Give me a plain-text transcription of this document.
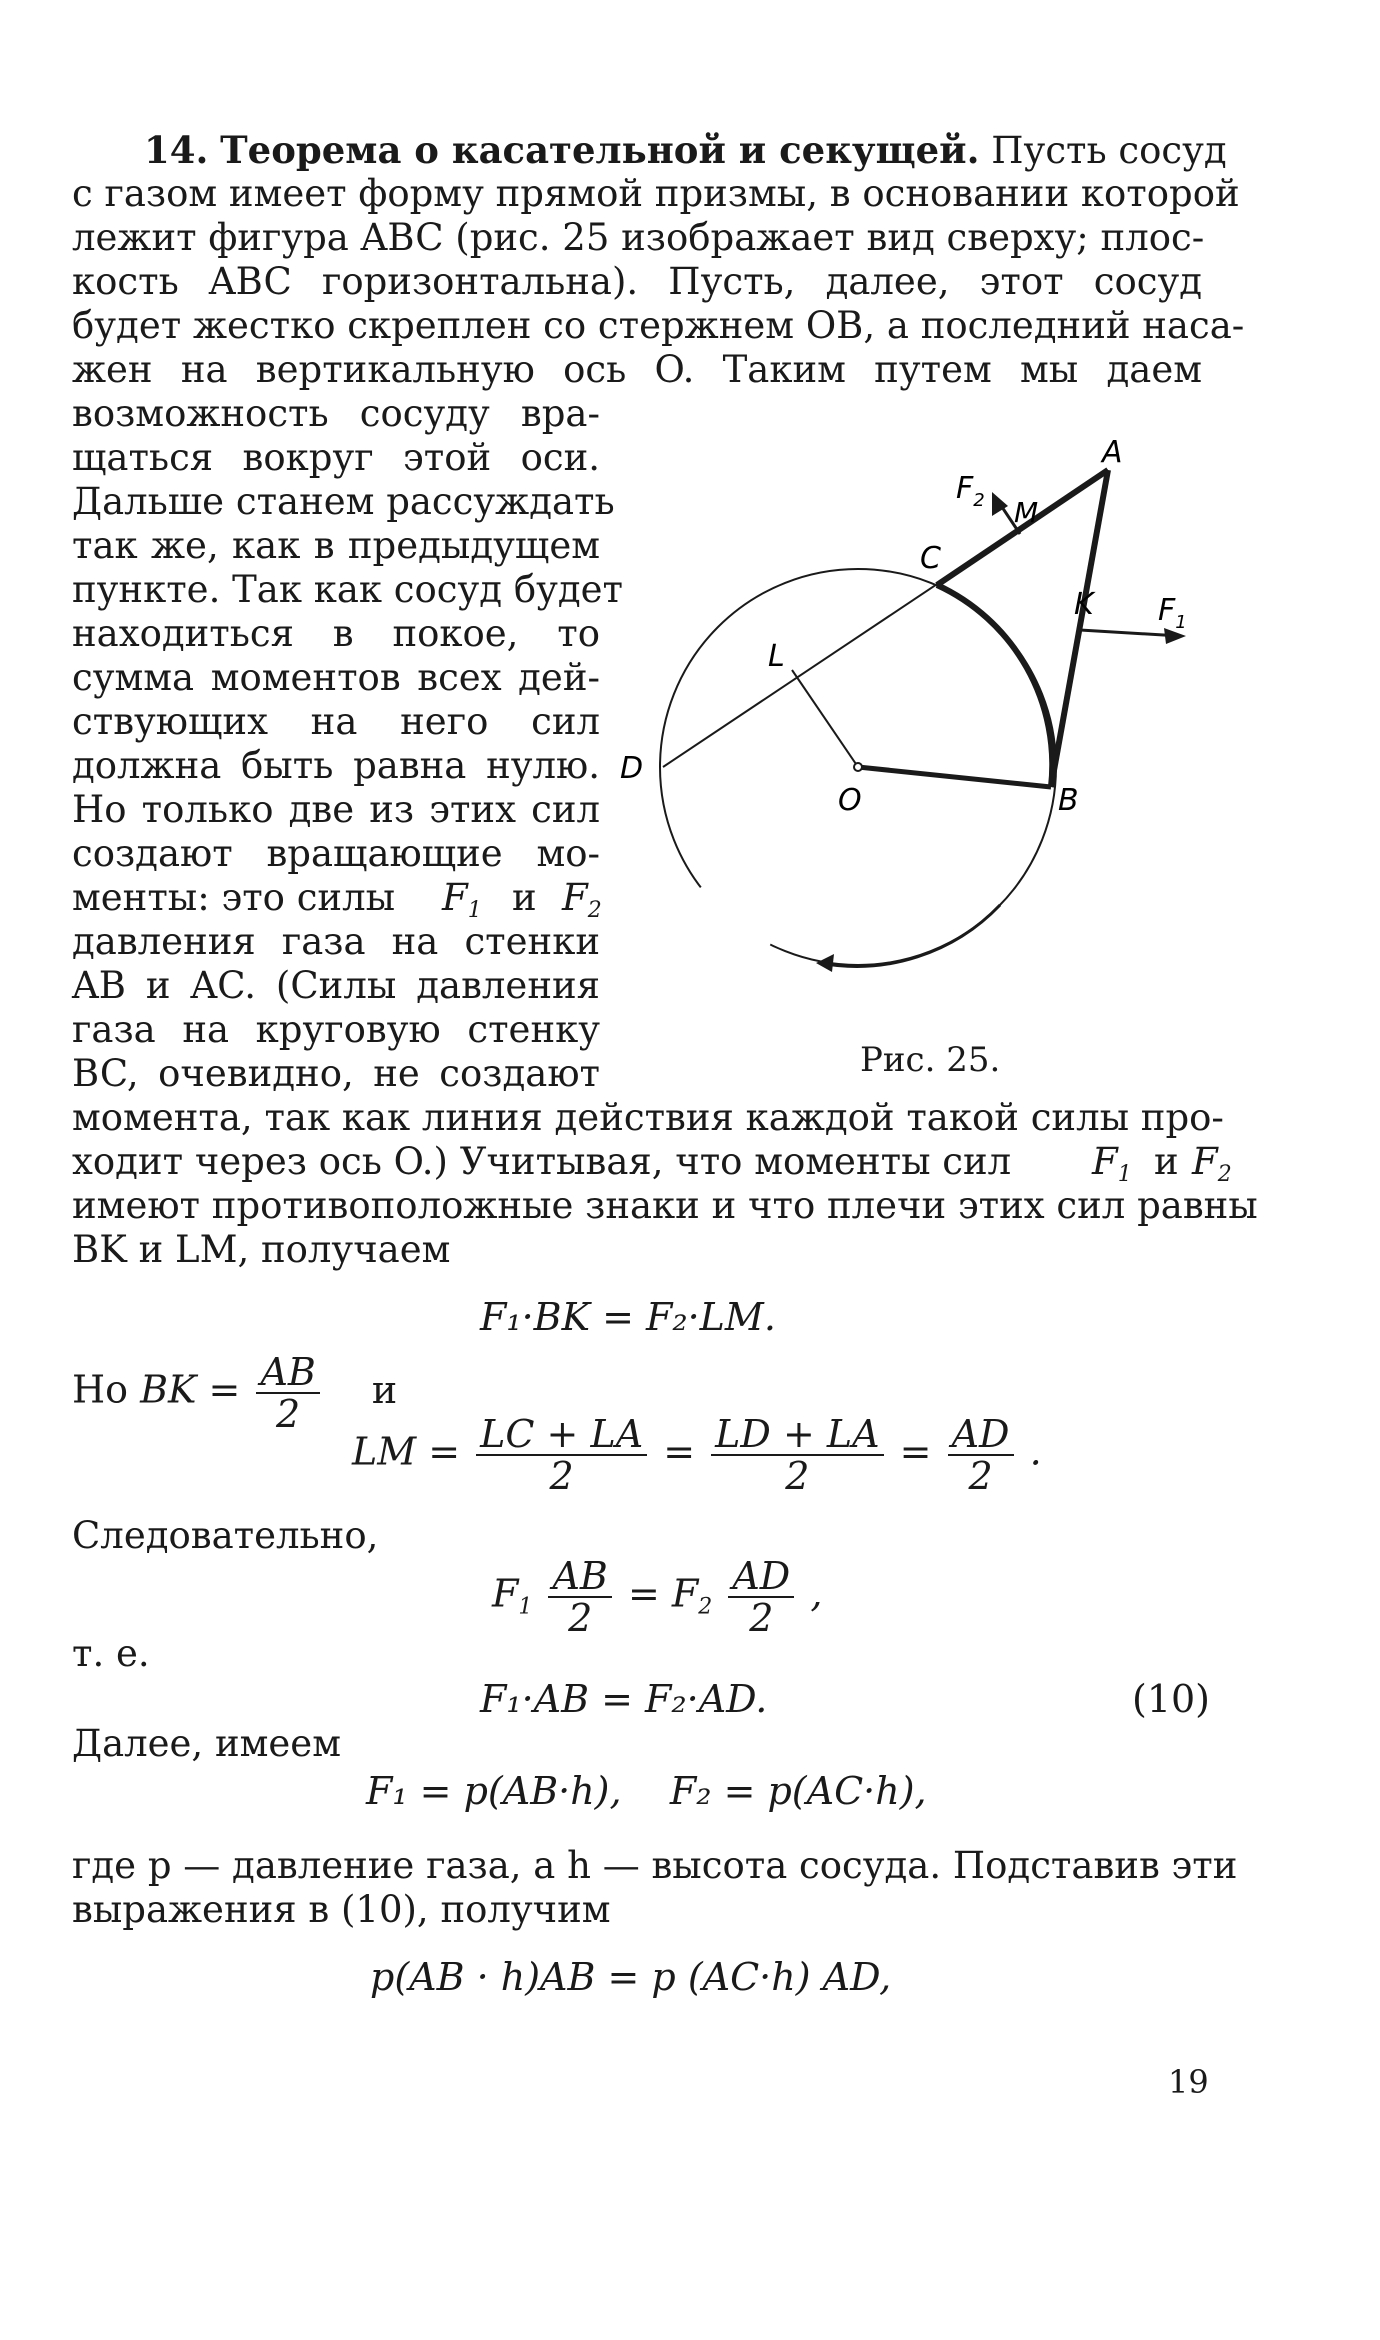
14. Теорема о касательной и секущей. Пусть сосуд
с газом имеет форму прямой призмы, в основании которой
лежит фигура ABC (рис. 25 изображает вид сверху; плос-
кость ABC горизонтальна). Пусть, далее, этот сосуд
будет жестко скреплен со стержнем OB, а последний наса-
жен на вертикальную ось O. Таким путем мы даем
возможность сосуду вра-
щаться вокруг этой оси.
Дальше станем рассуждать
так же, как в предыдущем
пункте. Так как сосуд будет
находиться в покое, то
сумма моментов всех дей-
ствующих на него сил
должна быть равна нулю.
Но только две из этих сил
создают вращающие мо-
менты: это силы $F_1$ и $F_2$
давления газа на стенки
AB и AC. (Силы давления
газа на круговую стенку
BC, очевидно, не создают
A
C
D
L
O	B
K
M
$F_1$
$F_2$
Рис. 25.
момента, так как линия действия каждой такой силы про-
ходит через ось O.) Учитывая, что моменты сил $F_1$ и $F_2$
имеют противоположные знаки и что плечи этих сил равны
BK и LM, получаем
F₁·BK = F₂·LM.
Но BK = $\frac{AB}{2}$ и
LM = $\frac{LC + LA}{2} = \frac{LD + LA}{2} = \frac{AD}{2}$ .
Следовательно,
$F_1 \frac{AB}{2} = F_2 \frac{AD}{2}$ ,
т. е.
F₁·AB = F₂·AD.	(10)
Далее, имеем
F₁ = p(AB·h),    F₂ = p(AC·h),
где p — давление газа, а h — высота сосуда. Подставив эти
выражения в (10), получим
p(AB · h)AB = p (AC·h) AD,
19
